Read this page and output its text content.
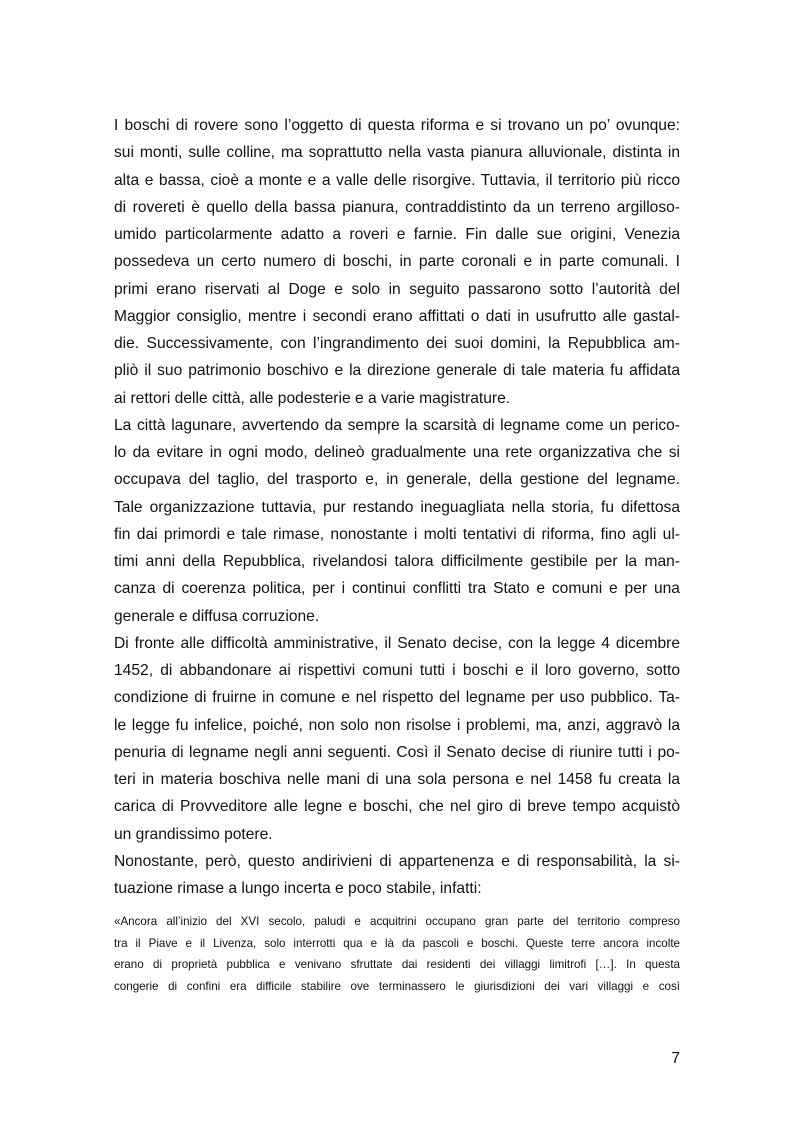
I boschi di rovere sono l’oggetto di questa riforma e si trovano un po’ ovunque:
sui monti, sulle colline, ma soprattutto nella vasta pianura alluvionale, distinta in
alta e bassa, cioè a monte e a valle delle risorgive. Tuttavia, il territorio più ricco
di rovereti è quello della bassa pianura, contraddistinto da un terreno argilloso-
umido particolarmente adatto a roveri e farnie. Fin dalle sue origini, Venezia
possedeva un certo numero di boschi, in parte coronali e in parte comunali. I
primi erano riservati al Doge e solo in seguito passarono sotto l’autorità del
Maggior consiglio, mentre i secondi erano affittati o dati in usufrutto alle gastal-
die. Successivamente, con l’ingrandimento dei suoi domini, la Repubblica am-
pliò il suo patrimonio boschivo e la direzione generale di tale materia fu affidata
ai rettori delle città, alle podesterie e a varie magistrature.
La città lagunare, avvertendo da sempre la scarsità di legname come un perico-
lo da evitare in ogni modo, delineò gradualmente una rete organizzativa che si
occupava del taglio, del trasporto e, in generale, della gestione del legname.
Tale organizzazione tuttavia, pur restando ineguagliata nella storia, fu difettosa
fin dai primordi e tale rimase, nonostante i molti tentativi di riforma, fino agli ul-
timi anni della Repubblica, rivelandosi talora difficilmente gestibile per la man-
canza di coerenza politica, per i continui conflitti tra Stato e comuni e per una
generale e diffusa corruzione.
Di fronte alle difficoltà amministrative, il Senato decise, con la legge 4 dicembre
1452, di abbandonare ai rispettivi comuni tutti i boschi e il loro governo, sotto
condizione di fruirne in comune e nel rispetto del legname per uso pubblico. Ta-
le legge fu infelice, poiché, non solo non risolse i problemi, ma, anzi, aggravò la
penuria di legname negli anni seguenti. Così il Senato decise di riunire tutti i po-
teri in materia boschiva nelle mani di una sola persona e nel 1458 fu creata la
carica di Provveditore alle legne e boschi, che nel giro di breve tempo acquistò
un grandissimo potere.
Nonostante, però, questo andirivieni di appartenenza e di responsabilità, la si-
tuazione rimase a lungo incerta e poco stabile, infatti:
«Ancora all’inizio del XVI secolo, paludi e acquitrini occupano gran parte del territorio compreso
tra il Piave e il Livenza, solo interrotti qua e là da pascoli e boschi. Queste terre ancora incolte
erano di proprietà pubblica e venivano sfruttate dai residenti dei villaggi limitrofi […]. In questa
congerie di confini era difficile stabilire ove terminassero le giurisdizioni dei vari villaggi e così
7
